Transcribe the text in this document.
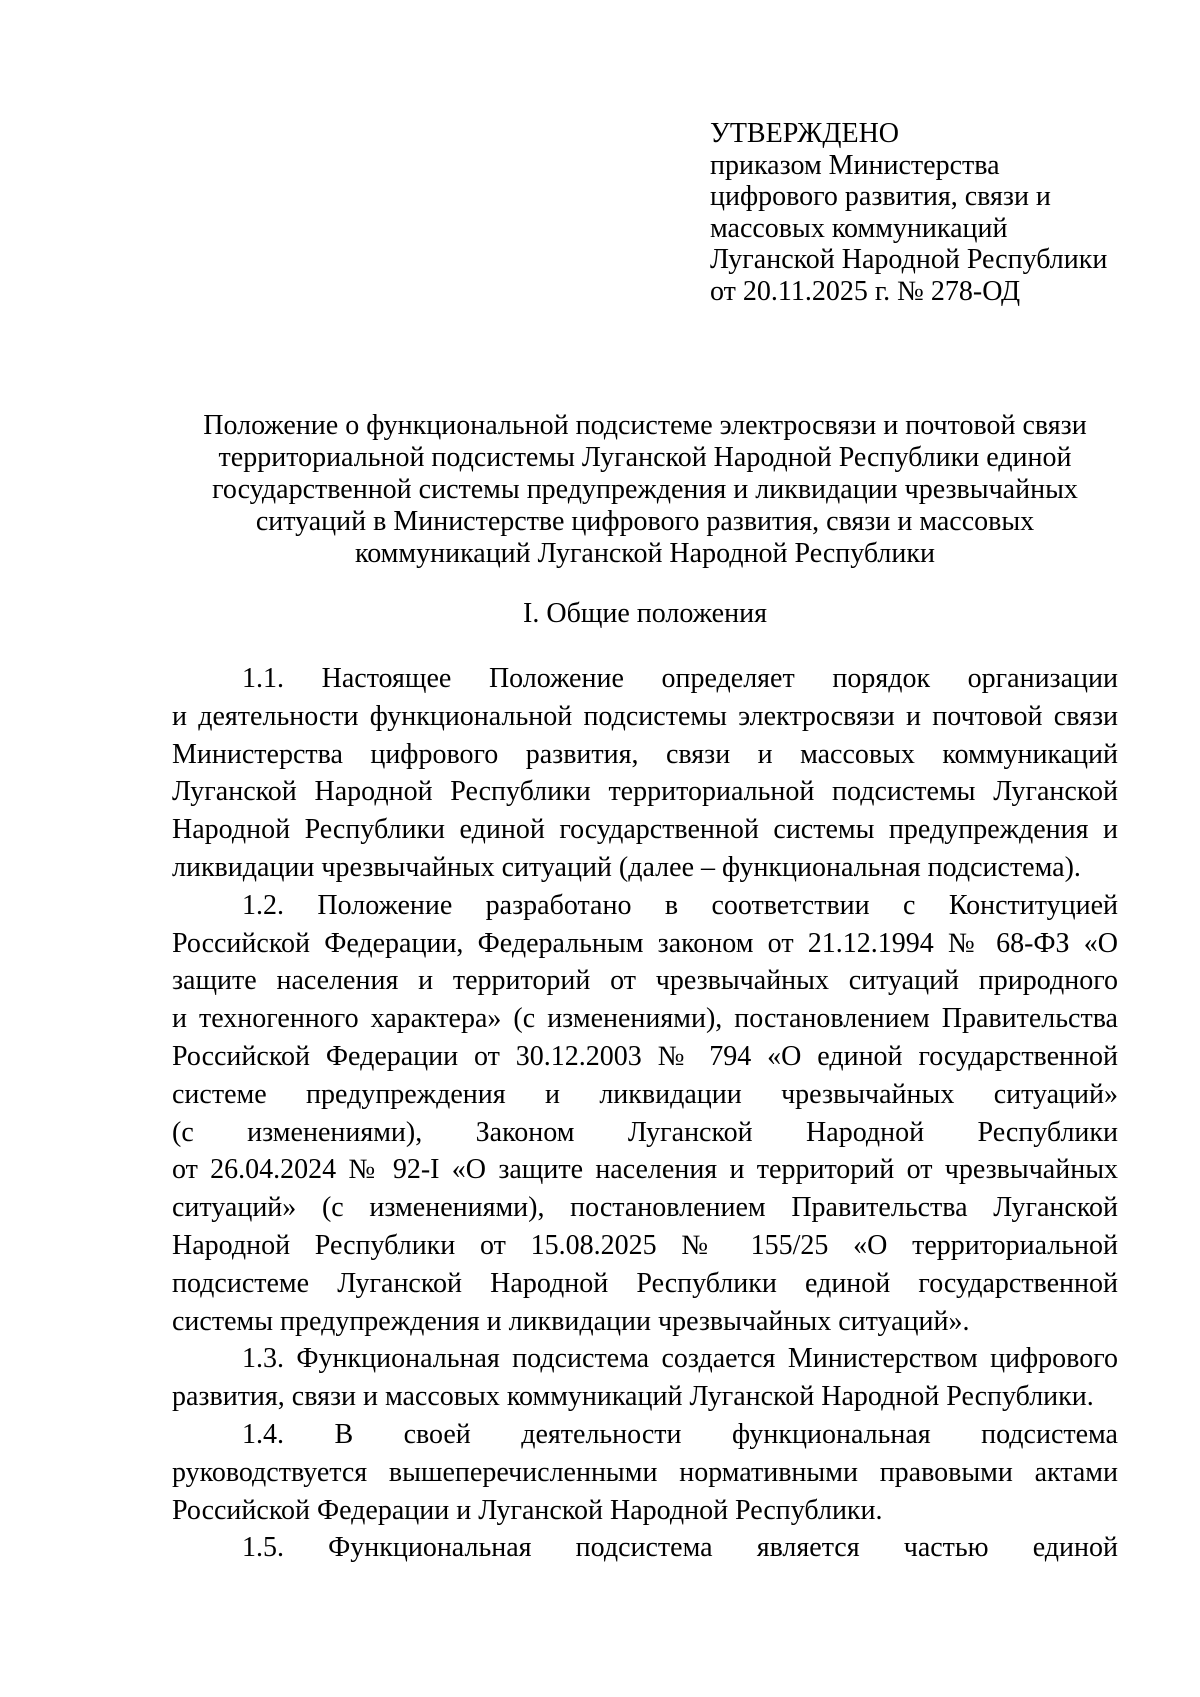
УТВЕРЖДЕНО
приказом Министерства
цифрового развития, связи и
массовых коммуникаций
Луганской Народной Республики
от 20.11.2025 г. № 278-ОД
Положение о функциональной подсистеме электросвязи и почтовой связи
территориальной подсистемы Луганской Народной Республики единой
государственной системы предупреждения и ликвидации чрезвычайных
ситуаций в Министерстве цифрового развития, связи и массовых
коммуникаций Луганской Народной Республики
I. Общие положения
1.1. Настоящее Положение определяет порядок организации
и деятельности функциональной подсистемы электросвязи и почтовой связи
Министерства цифрового развития, связи и массовых коммуникаций
Луганской Народной Республики территориальной подсистемы Луганской
Народной Республики единой государственной системы предупреждения и
ликвидации чрезвычайных ситуаций (далее – функциональная подсистема).
1.2. Положение разработано в соответствии с Конституцией
Российской Федерации, Федеральным законом от 21.12.1994 № 68-ФЗ «О
защите населения и территорий от чрезвычайных ситуаций природного
и техногенного характера» (с изменениями), постановлением Правительства
Российской Федерации от 30.12.2003 № 794 «О единой государственной
системе предупреждения и ликвидации чрезвычайных ситуаций»
(с изменениями), Законом Луганской Народной Республики
от 26.04.2024 № 92-I «О защите населения и территорий от чрезвычайных
ситуаций» (с изменениями), постановлением Правительства Луганской
Народной Республики от 15.08.2025 № 155/25 «О территориальной
подсистеме Луганской Народной Республики единой государственной
системы предупреждения и ликвидации чрезвычайных ситуаций».
1.3. Функциональная подсистема создается Министерством цифрового
развития, связи и массовых коммуникаций Луганской Народной Республики.
1.4. В своей деятельности функциональная подсистема
руководствуется вышеперечисленными нормативными правовыми актами
Российской Федерации и Луганской Народной Республики.
1.5. Функциональная подсистема является частью единой
